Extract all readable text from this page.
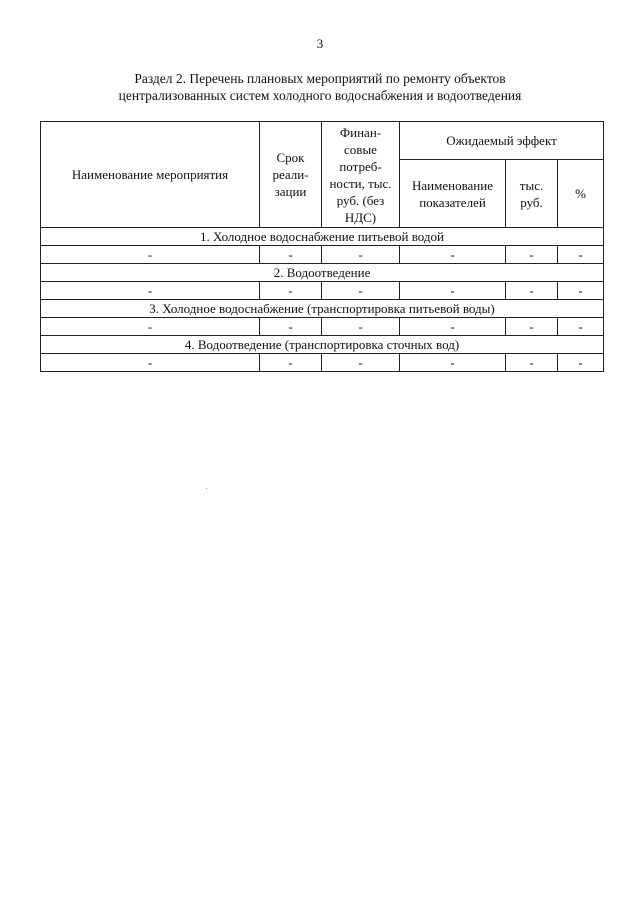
3
Раздел 2. Перечень плановых мероприятий по ремонту объектов
централизованных систем холодного водоснабжения и водоотведения
Наименование мероприятия	Срок реали-зации	Финан-совые потреб-ности, тыс. руб. (без НДС)	Ожидаемый эффект		
			Наименование показателей	тыс. руб.	%
1. Холодное водоснабжение питьевой водой					
-	-	-	-	-	-
2. Водоотведение					
-	-	-	-	-	-
3. Холодное водоснабжение (транспортировка питьевой воды)					
-	-	-	-	-	-
4. Водоотведение (транспортировка сточных вод)					
-	-	-	-	-	-
